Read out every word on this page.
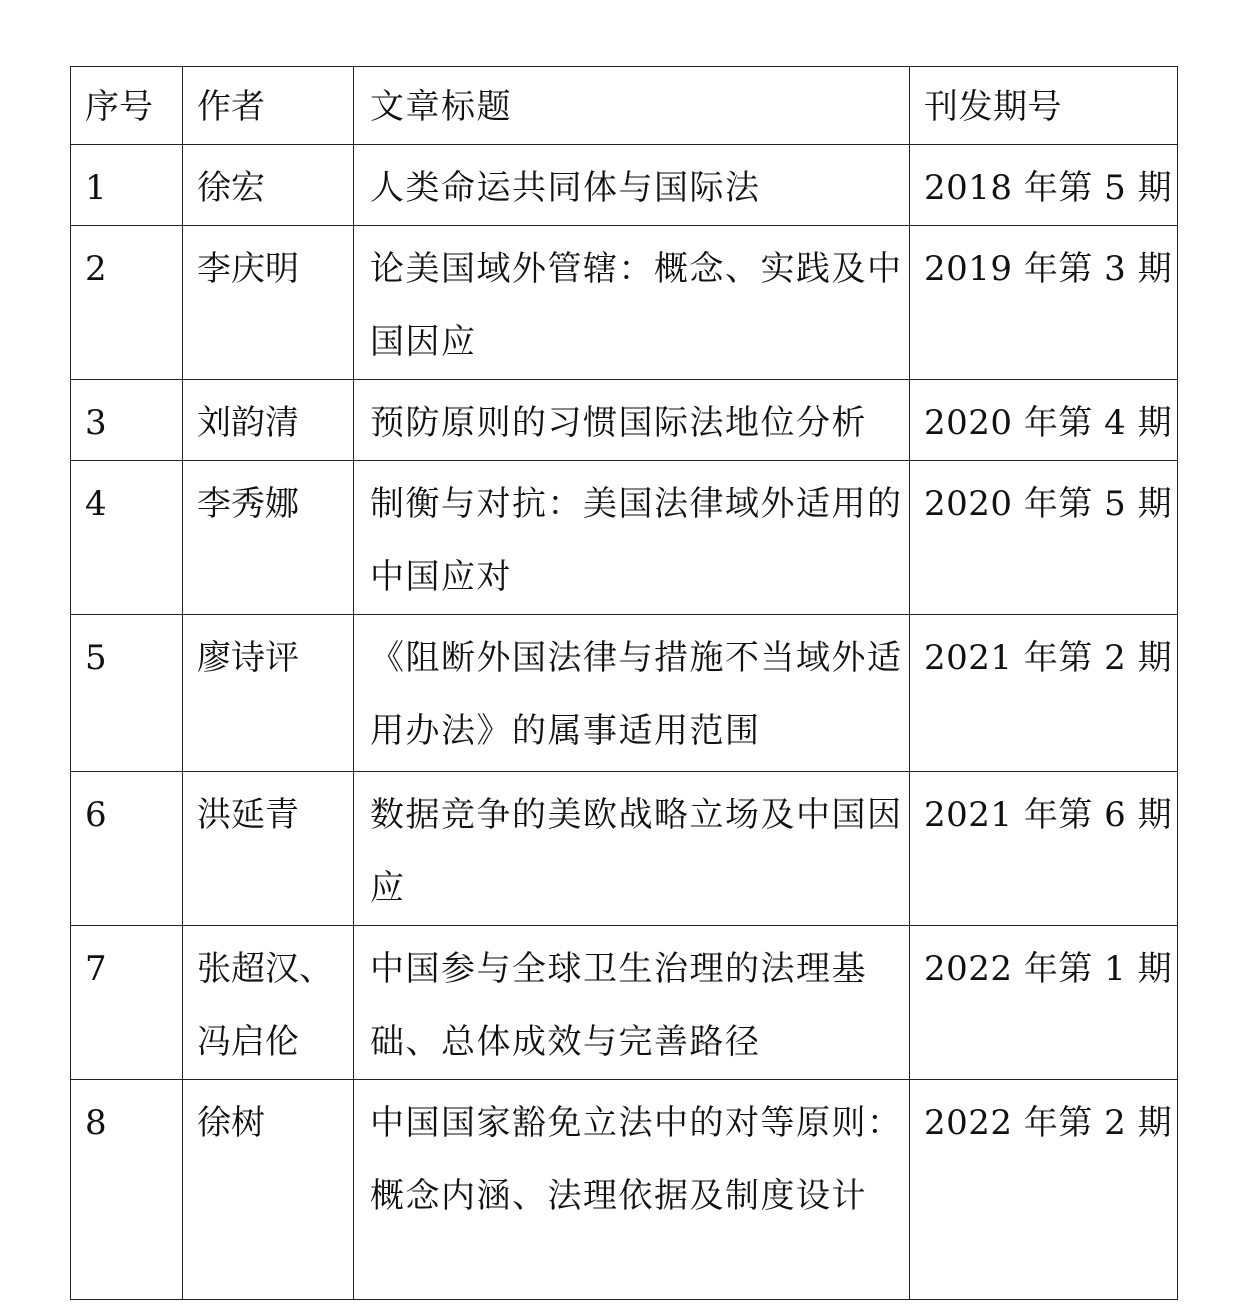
序号	作者	文章标题	刊发期号
1	徐宏	人类命运共同体与国际法	2018 年第 5 期
2	李庆明	论美国域外管辖：概念、实践及中国因应	2019 年第 3 期
3	刘韵清	预防原则的习惯国际法地位分析	2020 年第 4 期
4	李秀娜	制衡与对抗：美国法律域外适用的中国应对	2020 年第 5 期
5	廖诗评	《阻断外国法律与措施不当域外适用办法》的属事适用范围	2021 年第 2 期
6	洪延青	数据竞争的美欧战略立场及中国因应	2021 年第 6 期
7	张超汉、冯启伦	中国参与全球卫生治理的法理基础、总体成效与完善路径	2022 年第 1 期
8	徐树	中国国家豁免立法中的对等原则：概念内涵、法理依据及制度设计	2022 年第 2 期
